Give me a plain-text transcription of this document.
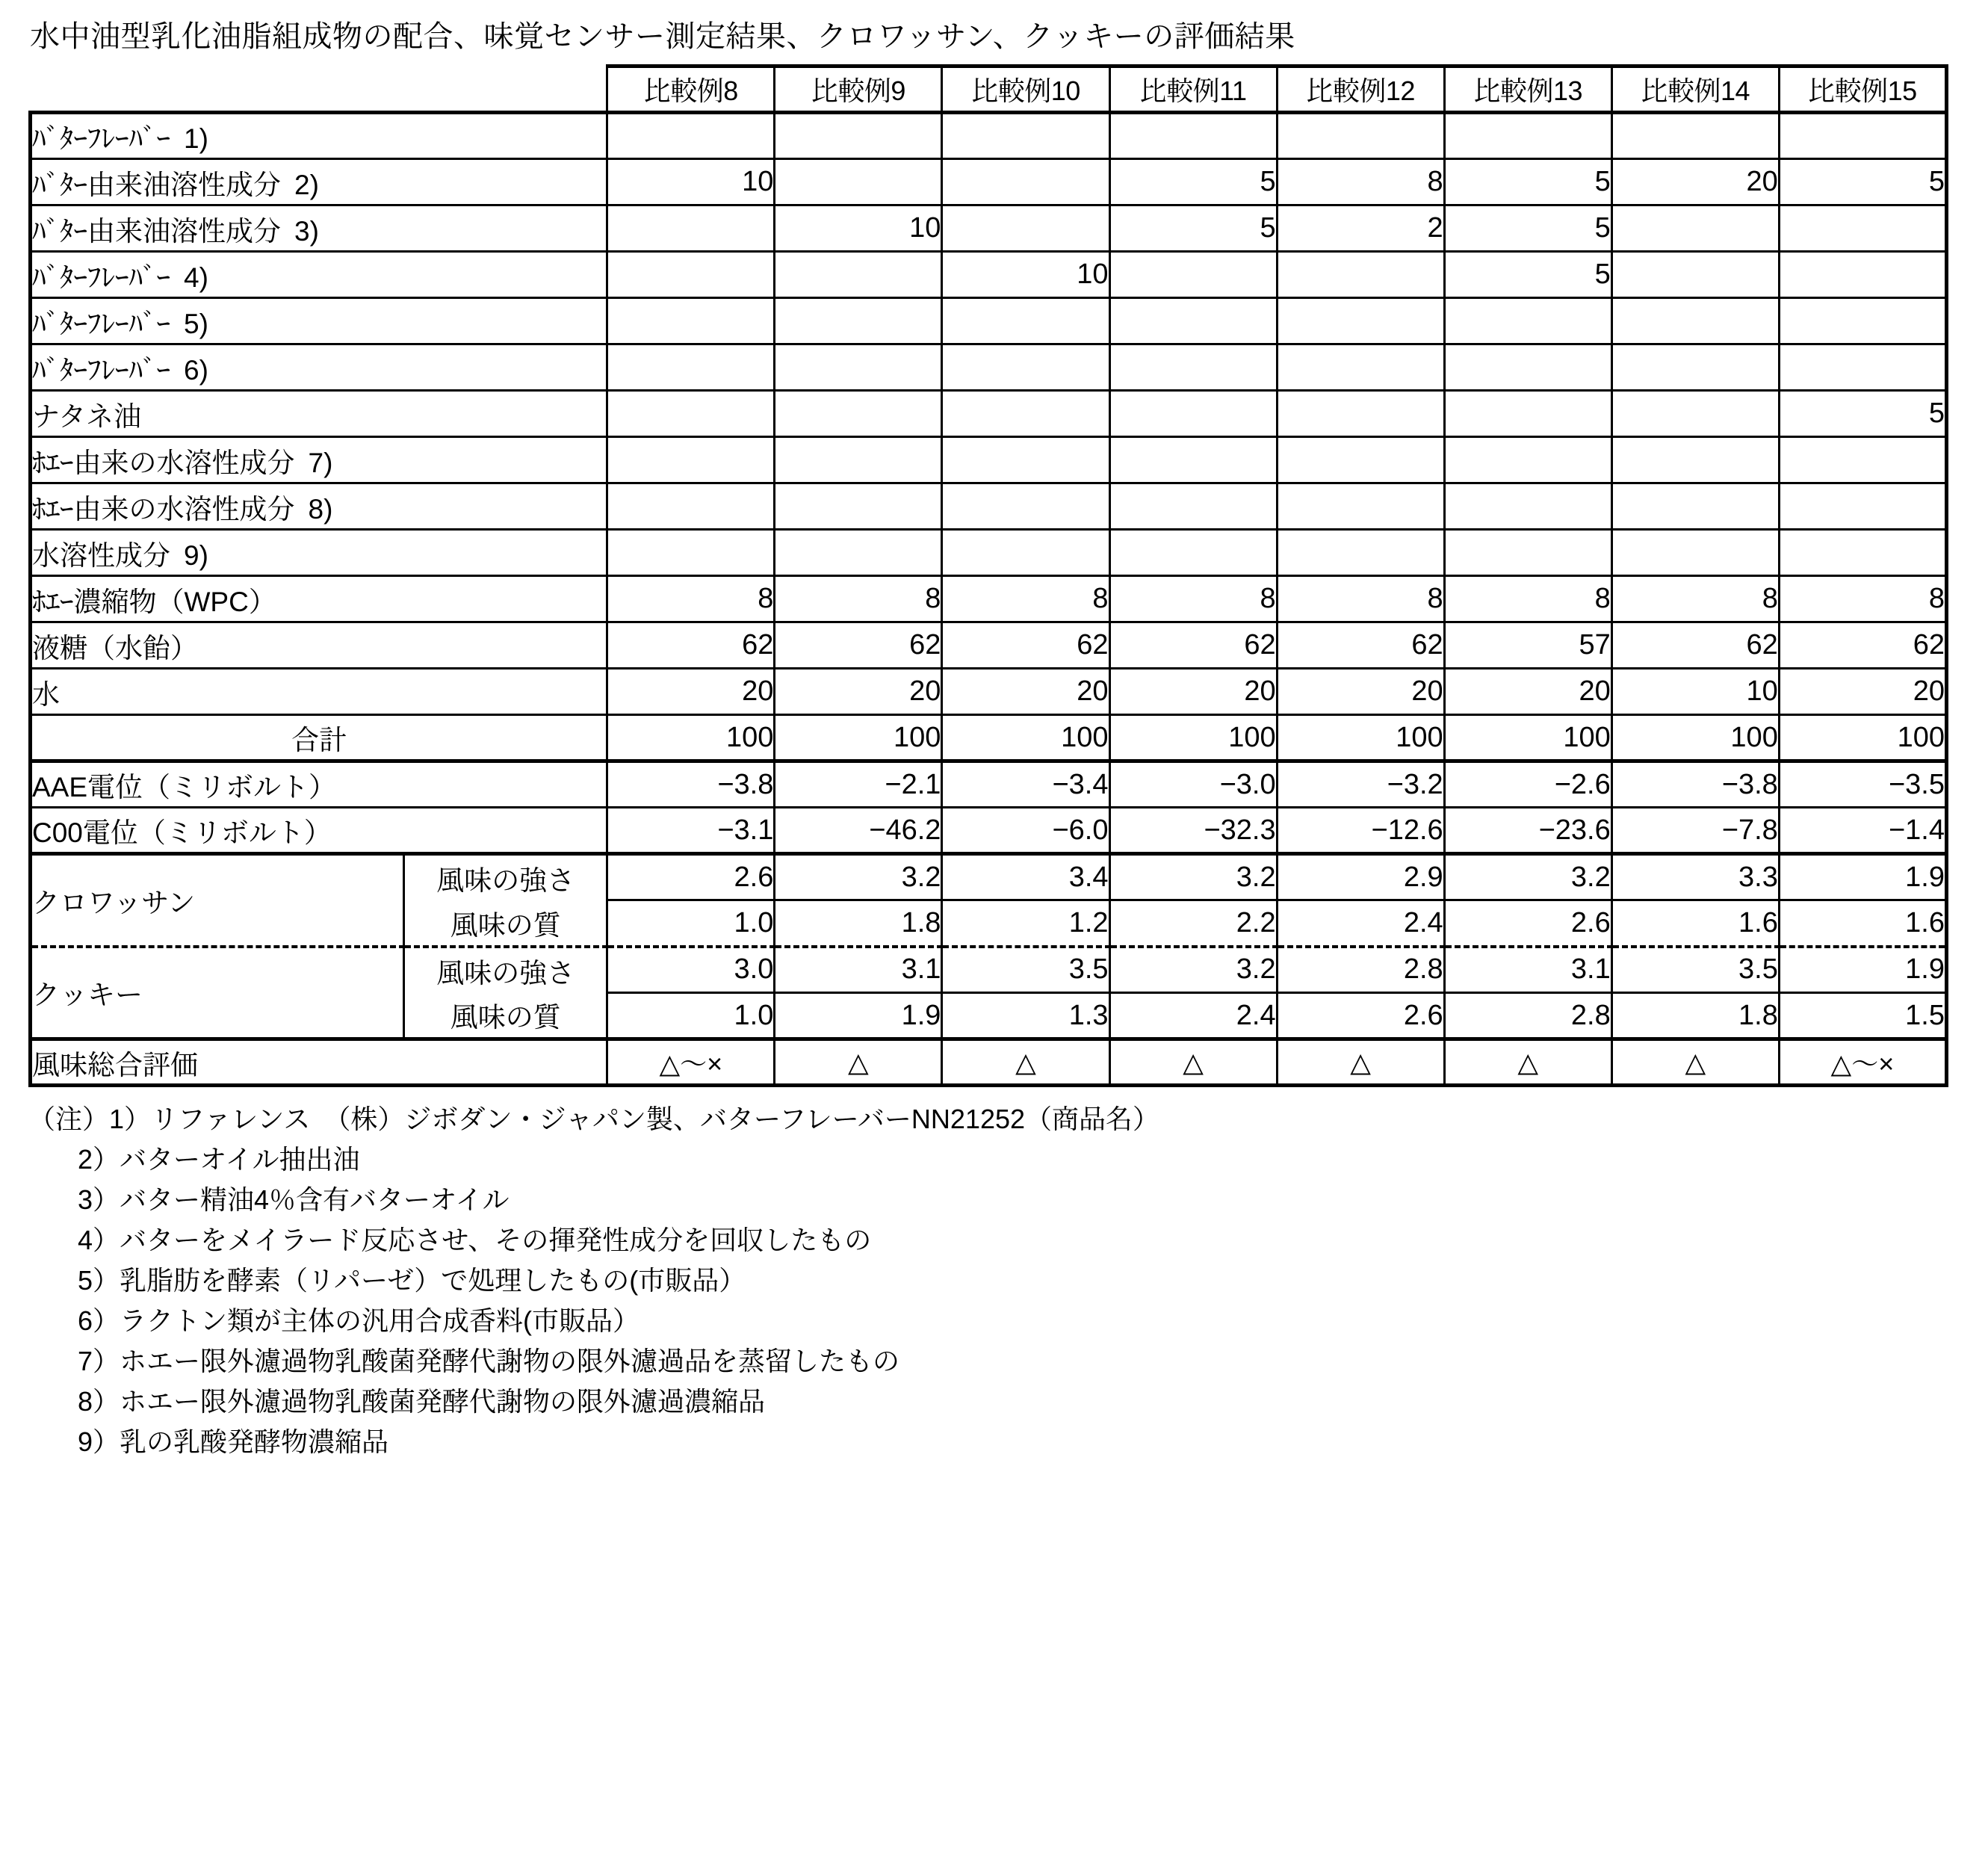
水中油型乳化油脂組成物の配合、味覚センサー測定結果、クロワッサン、クッキーの評価結果
		比較例8	比較例9	比較例10	比較例11	比較例12	比較例13	比較例14	比較例15
ﾊﾞﾀｰﾌﾚｰﾊﾞｰ 1)									
ﾊﾞﾀｰ由来油溶性成分 2)		10			5	8	5	20	5
ﾊﾞﾀｰ由来油溶性成分 3)			10		5	2	5		
ﾊﾞﾀｰﾌﾚｰﾊﾞｰ 4)				10			5		
ﾊﾞﾀｰﾌﾚｰﾊﾞｰ 5)									
ﾊﾞﾀｰﾌﾚｰﾊﾞｰ 6)									
ナタネ油									5
ﾎｴｰ由来の水溶性成分 7)									
ﾎｴｰ由来の水溶性成分 8)									
水溶性成分 9)									
ﾎｴｰ濃縮物（WPC）		8	8	8	8	8	8	8	8
液糖（水飴）		62	62	62	62	62	57	62	62
水		20	20	20	20	20	20	10	20
合計		100	100	100	100	100	100	100	100
AAE電位（ミリボルト）		−3.8	−2.1	−3.4	−3.0	−3.2	−2.6	−3.8	−3.5
C00電位（ミリボルト）		−3.1	−46.2	−6.0	−32.3	−12.6	−23.6	−7.8	−1.4
クロワッサン	風味の強さ	2.6	3.2	3.4	3.2	2.9	3.2	3.3	1.9
	風味の質	1.0	1.8	1.2	2.2	2.4	2.6	1.6	1.6
クッキー	風味の強さ	3.0	3.1	3.5	3.2	2.8	3.1	3.5	1.9
	風味の質	1.0	1.9	1.3	2.4	2.6	2.8	1.8	1.5
風味総合評価		△〜×	△	△	△	△	△	△	△〜×
（注）1）リファレンス　（株）ジボダン・ジャパン製、バターフレーバーNN21252（商品名）
2）バターオイル抽出油
3）バター精油4％含有バターオイル
4）バターをメイラード反応させ、その揮発性成分を回収したもの
5）乳脂肪を酵素（リパーゼ）で処理したもの(市販品）
6）ラクトン類が主体の汎用合成香料(市販品）
7）ホエー限外濾過物乳酸菌発酵代謝物の限外濾過品を蒸留したもの
8）ホエー限外濾過物乳酸菌発酵代謝物の限外濾過濃縮品
9）乳の乳酸発酵物濃縮品
